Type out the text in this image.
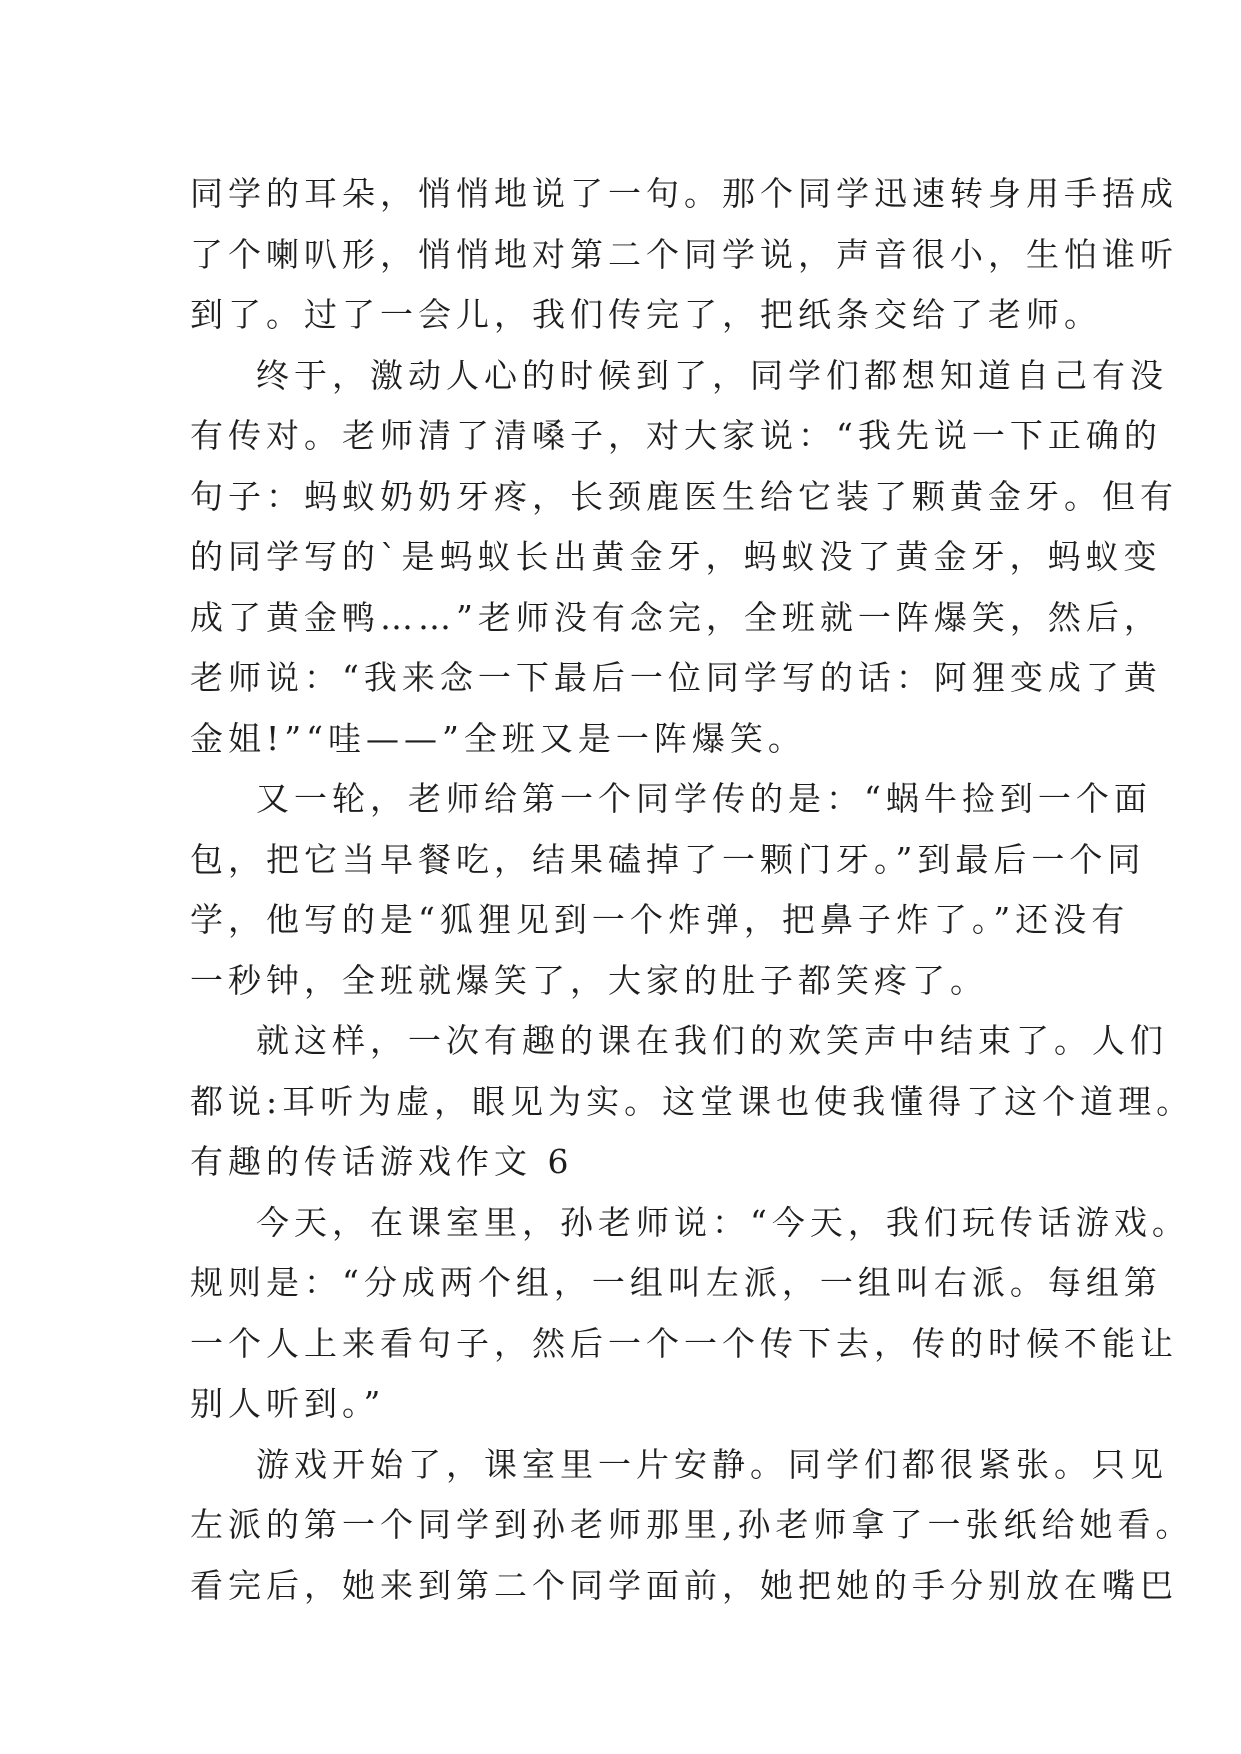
同学的耳朵，悄悄地说了一句。那个同学迅速转身用手捂成
了个喇叭形，悄悄地对第二个同学说，声音很小，生怕谁听
到了。过了一会儿，我们传完了，把纸条交给了老师。
终于，激动人心的时候到了，同学们都想知道自己有没
有传对。老师清了清嗓子，对大家说：“我先说一下正确的
句子：蚂蚁奶奶牙疼，长颈鹿医生给它装了颗黄金牙。但有
的同学写的`是蚂蚁长出黄金牙，蚂蚁没了黄金牙，蚂蚁变
成了黄金鸭……”老师没有念完，全班就一阵爆笑，然后，
老师说：“我来念一下最后一位同学写的话：阿狸变成了黄
金姐!”“哇——”全班又是一阵爆笑。
又一轮，老师给第一个同学传的是：“蜗牛捡到一个面
包，把它当早餐吃，结果磕掉了一颗门牙。”到最后一个同
学，他写的是“狐狸见到一个炸弹，把鼻子炸了。”还没有
一秒钟，全班就爆笑了，大家的肚子都笑疼了。
就这样，一次有趣的课在我们的欢笑声中结束了。人们
都说:耳听为虚，眼见为实。这堂课也使我懂得了这个道理。
有趣的传话游戏作文 6
今天，在课室里，孙老师说：“今天，我们玩传话游戏。
规则是：“分成两个组，一组叫左派，一组叫右派。每组第
一个人上来看句子，然后一个一个传下去，传的时候不能让
别人听到。”
游戏开始了，课室里一片安静。同学们都很紧张。只见
左派的第一个同学到孙老师那里,孙老师拿了一张纸给她看。
看完后，她来到第二个同学面前，她把她的手分别放在嘴巴
